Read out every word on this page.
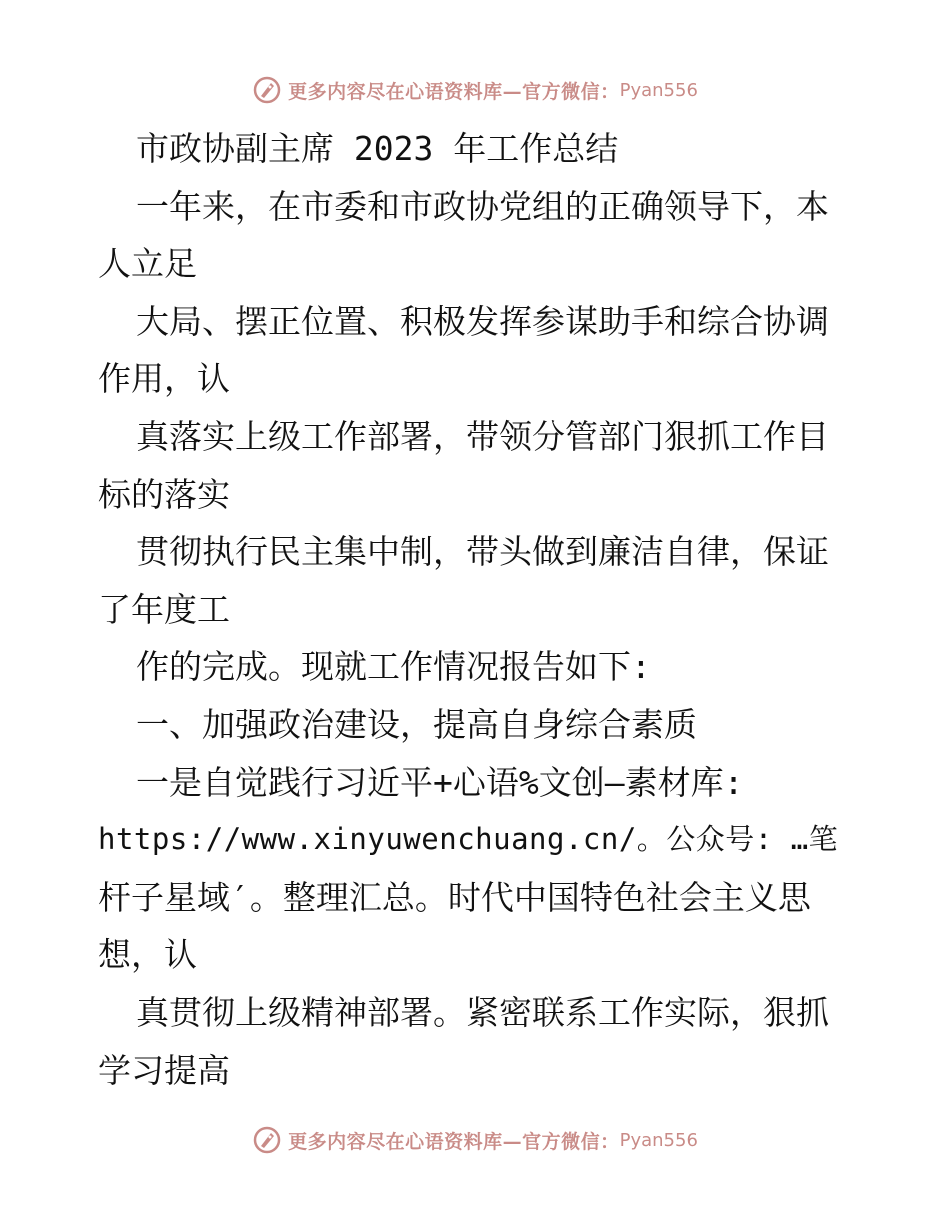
更多内容尽在心语资料库—官方微信： Pyan556
市政协副主席 2023 年工作总结
一年来，在市委和市政协党组的正确领导下，本
人立足
大局、摆正位置、积极发挥参谋助手和综合协调
作用，认
真落实上级工作部署，带领分管部门狠抓工作目
标的落实
贯彻执行民主集中制，带头做到廉洁自律，保证
了年度工
作的完成。现就工作情况报告如下:
一、加强政治建设，提高自身综合素质
一是自觉践行习近平+心语%文创—素材库:
https://www.xinyuwenchuang.cn/。公众号: …笔
杆子星域′。整理汇总。时代中国特色社会主义思
想，认
真贯彻上级精神部署。紧密联系工作实际，狠抓
学习提高
更多内容尽在心语资料库—官方微信： Pyan556
